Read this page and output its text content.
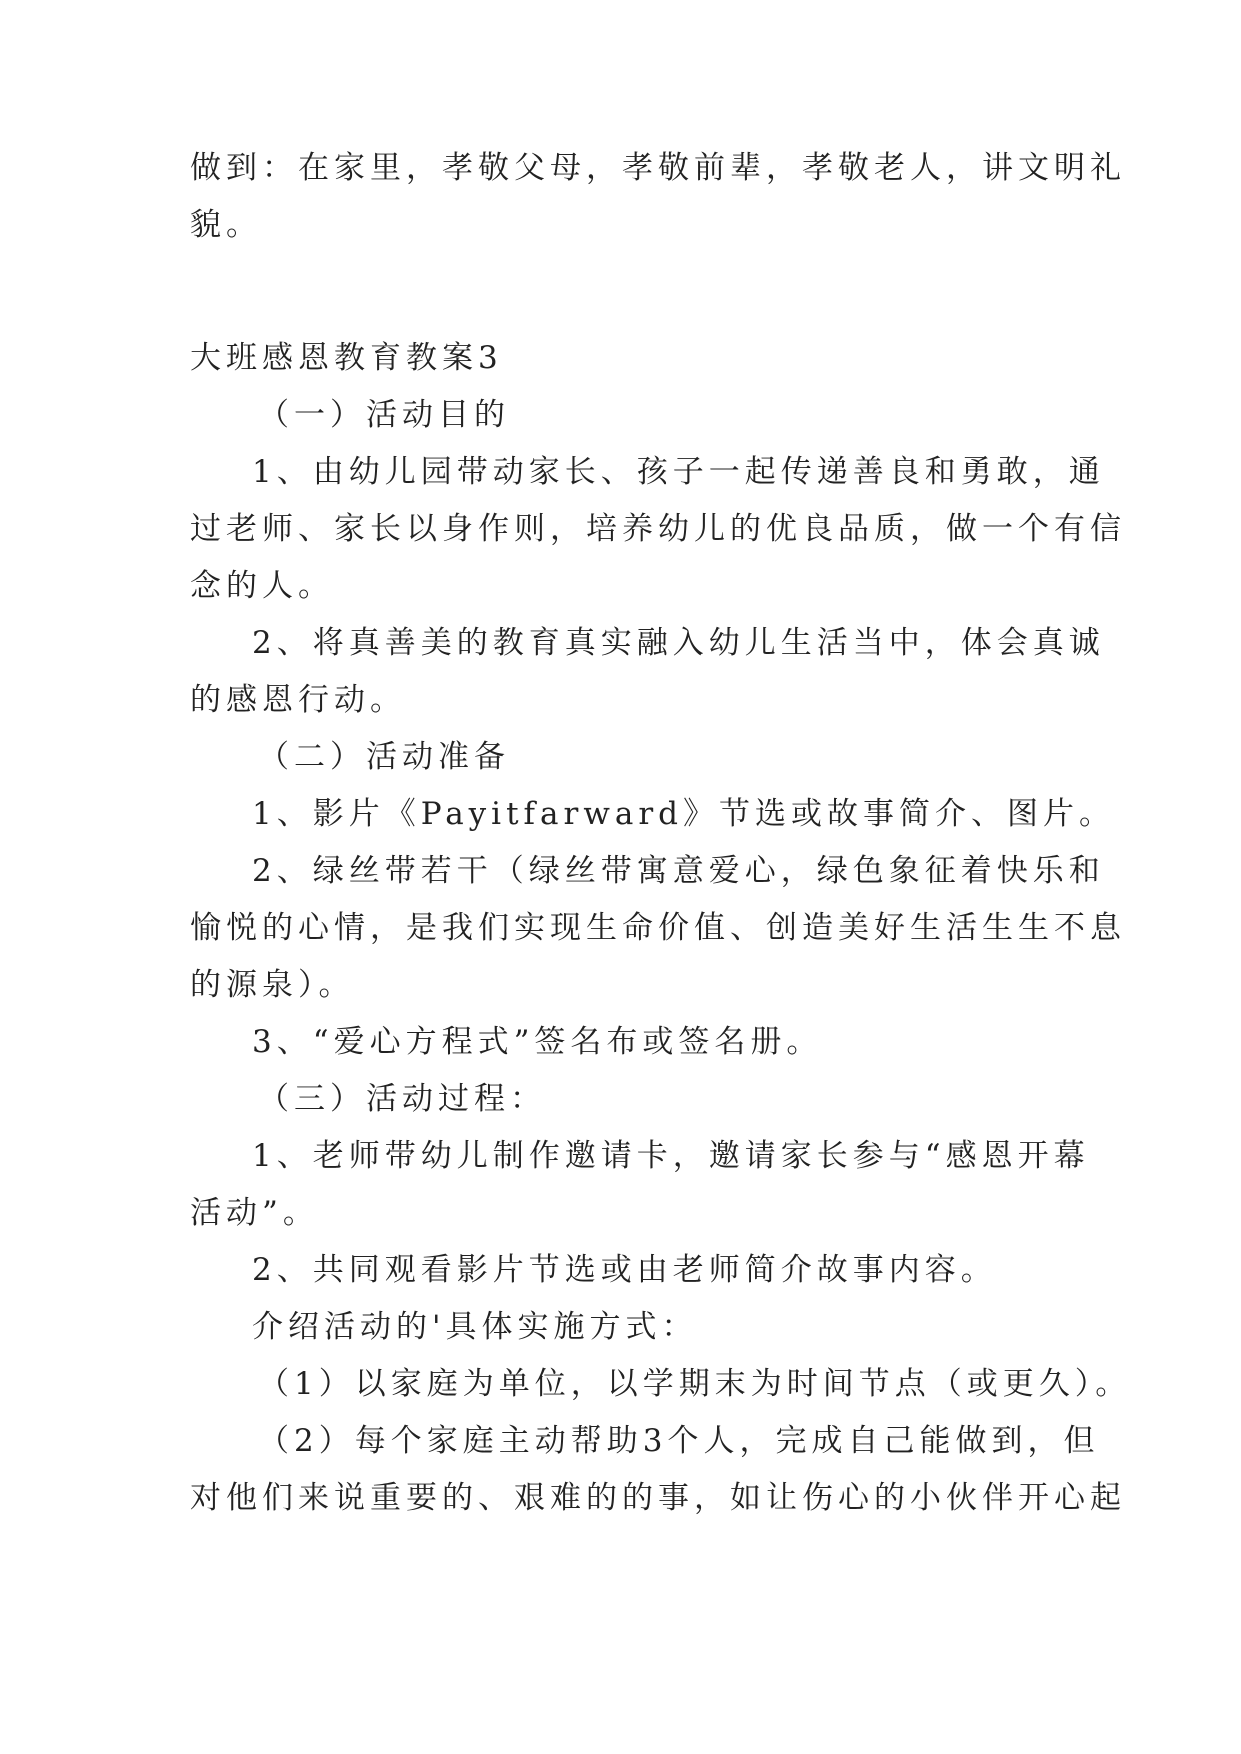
做到：在家里，孝敬父母，孝敬前辈，孝敬老人，讲文明礼
貌。
大班感恩教育教案3
（一）活动目的
1、由幼儿园带动家长、孩子一起传递善良和勇敢，通
过老师、家长以身作则，培养幼儿的优良品质，做一个有信
念的人。
2、将真善美的教育真实融入幼儿生活当中，体会真诚
的感恩行动。
（二）活动准备
1、影片《Payitfarward》节选或故事简介、图片。
2、绿丝带若干（绿丝带寓意爱心，绿色象征着快乐和
愉悦的心情，是我们实现生命价值、创造美好生活生生不息
的源泉）。
3、“爱心方程式”签名布或签名册。
（三）活动过程：
1、老师带幼儿制作邀请卡，邀请家长参与“感恩开幕
活动”。
2、共同观看影片节选或由老师简介故事内容。
介绍活动的'具体实施方式：
（1）以家庭为单位，以学期末为时间节点（或更久）。
（2）每个家庭主动帮助3个人，完成自己能做到，但
对他们来说重要的、艰难的的事，如让伤心的小伙伴开心起
